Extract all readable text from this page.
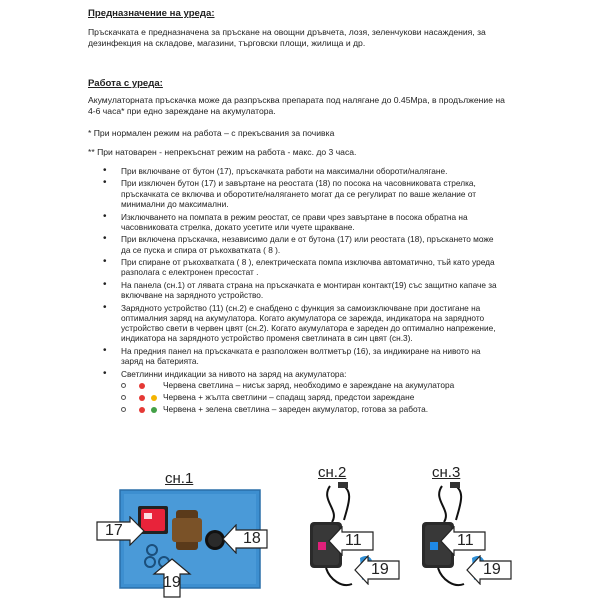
Предназначение на уреда:
Пръскачката е предназначена за пръскане на овощни дръвчета, лозя, зеленчукови насаждения, за дезинфекция на складове, магазини, търговски площи, жилища и др.
Работа с уреда:
Акумулаторната пръскачка може да разпръсква препарата под налягане до 0.45Мра, в продължение на 4-6 часа* при едно зареждане на акумулатора.
* При нормален режим на работа – с прекъсвания за почивка
** При натоварен - непрекъснат режим на работа - макс. до 3 часа.
• При включване от бутон (17), пръскачката работи на максимални обороти/налягане.
• При изключен бутон (17) и завъртане на реостата (18) по посока на часовниковата стрелка, пръскачката се включва и оборотите/налягането могат да се регулират по ваше желание от минимални до максимални.
• Изключването на помпата в режим реостат, се прави чрез завъртане в посока обратна на часовниковата стрелка, докато усетите или чуете щракване.
• При включена пръскачка, независимо дали е от бутона (17) или реостата (18), пръскането може да се пуска и спира от ръкохватката ( 8 ).
• При спиране от ръкохватката ( 8 ), електрическата помпа изключва автоматично, тъй като уреда разполага с електронен пресостат .
• На панела (сн.1) от лявата страна на пръскачката е монтиран контакт(19) със защитно капаче за включване на зарядното устройство.
• Зарядното устройство (11) (сн.2) е снабдено с функция за самоизключване при достигане на оптималния заряд на акумулатора. Когато акумулатора се зарежда, индикатора на зарядното устройство свети в червен цвят (сн.2). Когато акумулатора е зареден до оптимално напрежение, индикатора на зарядното устройство променя светлината в син цвят (сн.3).
• На предния панел на пръскачката е разположен волтметър (16), за индикиране на нивото на заряд на батерията.
• Светлинни индикации за нивото на заряд на акумулатора:
Червена светлина – нисък заряд, необходимо е зареждане на акумулатора
Червена + жълта светлини – спадащ заряд, предстои зареждане
Червена + зелена светлина – зареден акумулатор, готова за работа.
сн.1
17	18
19
сн.2
11
19
сн.3
11
19
